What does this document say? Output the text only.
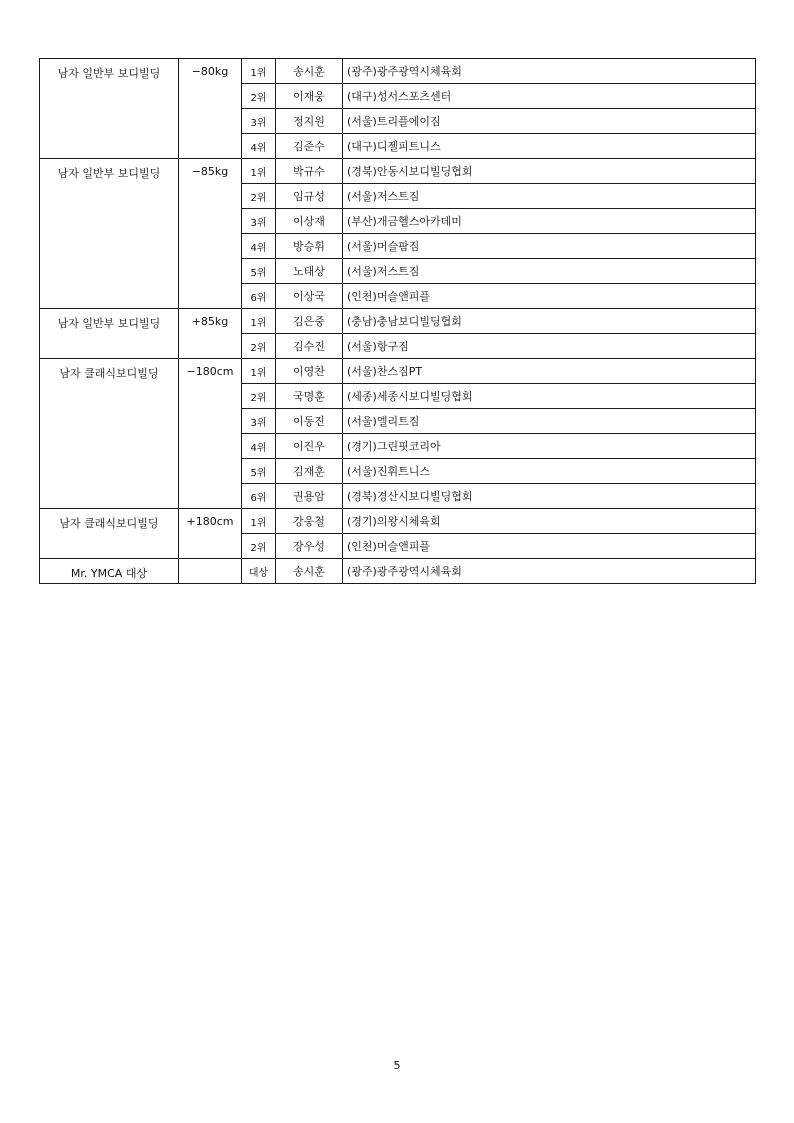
남자 일반부 보디빌딩	−80kg	1위	송시훈	(광주)광주광역시체육회
		2위	이재웅	(대구)성서스포츠센터
		3위	정지원	(서울)트리플에이짐
		4위	김준수	(대구)디젤피트니스
남자 일반부 보디빌딩	−85kg	1위	박규수	(경북)안동시보디빌딩협회
		2위	임규성	(서울)저스트짐
		3위	이상재	(부산)개금헬스아카데미
		4위	방승휘	(서울)머슬팜짐
		5위	노태상	(서울)저스트짐
		6위	이상국	(인천)머슬앤피플
남자 일반부 보디빌딩	+85kg	1위	김은중	(충남)충남보디빌딩협회
		2위	김수진	(서울)항구짐
남자 클래식보디빌딩	−180cm	1위	이영찬	(서울)찬스짐PT
		2위	국명훈	(세종)세종시보디빌딩협회
		3위	이동진	(서울)엘리트짐
		4위	이진우	(경기)그린핏코리아
		5위	김재훈	(서울)진휘트니스
		6위	권용암	(경북)경산시보디빌딩협회
남자 클래식보디빌딩	+180cm	1위	강웅철	(경기)의왕시체육회
		2위	장우성	(인천)머슬앤피플
Mr. YMCA 대상		대상	송시훈	(광주)광주광역시체육회
5
